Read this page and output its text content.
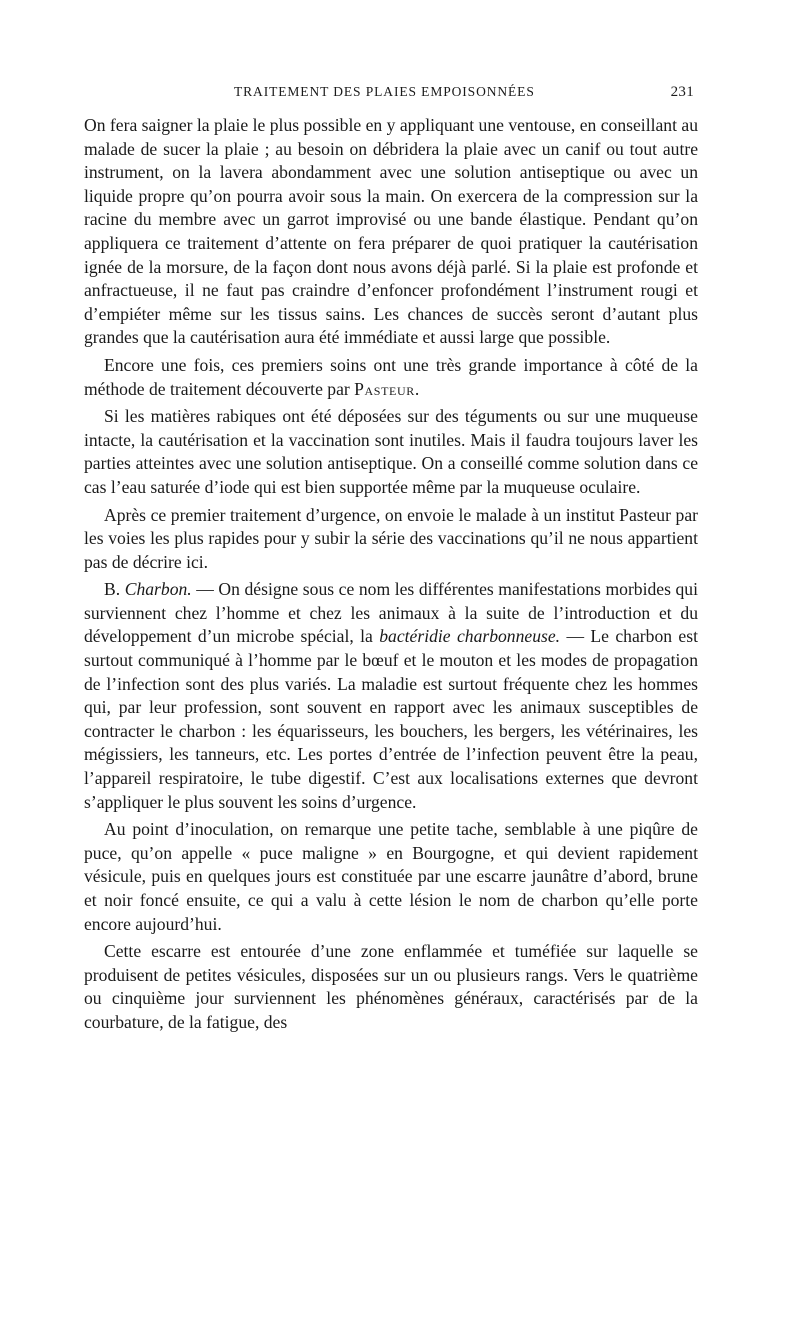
TRAITEMENT DES PLAIES EMPOISONNÉES	231

On fera saigner la plaie le plus possible en y appliquant une ventouse, en conseillant au malade de sucer la plaie ; au besoin on débridera la plaie avec un canif ou tout autre instrument, on la lavera abondamment avec une solution antiseptique ou avec un liquide propre qu’on pourra avoir sous la main. On exercera de la compression sur la racine du membre avec un garrot improvisé ou une bande élastique. Pendant qu’on appliquera ce traitement d’attente on fera préparer de quoi pratiquer la cautérisation ignée de la morsure, de la façon dont nous avons déjà parlé. Si la plaie est profonde et anfractueuse, il ne faut pas craindre d’enfoncer profondément l’instrument rougi et d’empiéter même sur les tissus sains. Les chances de succès seront d’autant plus grandes que la cautérisation aura été immédiate et aussi large que possible.

Encore une fois, ces premiers soins ont une très grande importance à côté de la méthode de traitement découverte par Pasteur.

Si les matières rabiques ont été déposées sur des téguments ou sur une muqueuse intacte, la cautérisation et la vaccination sont inutiles. Mais il faudra toujours laver les parties atteintes avec une solution antiseptique. On a conseillé comme solution dans ce cas l’eau saturée d’iode qui est bien supportée même par la muqueuse oculaire.

Après ce premier traitement d’urgence, on envoie le malade à un institut Pasteur par les voies les plus rapides pour y subir la série des vaccinations qu’il ne nous appartient pas de décrire ici.

B. Charbon. — On désigne sous ce nom les différentes manifestations morbides qui surviennent chez l’homme et chez les animaux à la suite de l’introduction et du développement d’un microbe spécial, la bactéridie charbonneuse. — Le charbon est surtout communiqué à l’homme par le bœuf et le mouton et les modes de propagation de l’infection sont des plus variés. La maladie est surtout fréquente chez les hommes qui, par leur profession, sont souvent en rapport avec les animaux susceptibles de contracter le charbon : les équarisseurs, les bouchers, les bergers, les vétérinaires, les mégissiers, les tanneurs, etc. Les portes d’entrée de l’infection peuvent être la peau, l’appareil respiratoire, le tube digestif. C’est aux localisations externes que devront s’appliquer le plus souvent les soins d’urgence.

Au point d’inoculation, on remarque une petite tache, semblable à une piqûre de puce, qu’on appelle « puce maligne » en Bourgogne, et qui devient rapidement vésicule, puis en quelques jours est constituée par une escarre jaunâtre d’abord, brune et noir foncé ensuite, ce qui a valu à cette lésion le nom de charbon qu’elle porte encore aujourd’hui.

Cette escarre est entourée d’une zone enflammée et tuméfiée sur laquelle se produisent de petites vésicules, disposées sur un ou plusieurs rangs. Vers le quatrième ou cinquième jour surviennent les phénomènes généraux, caractérisés par de la courbature, de la fatigue, des
